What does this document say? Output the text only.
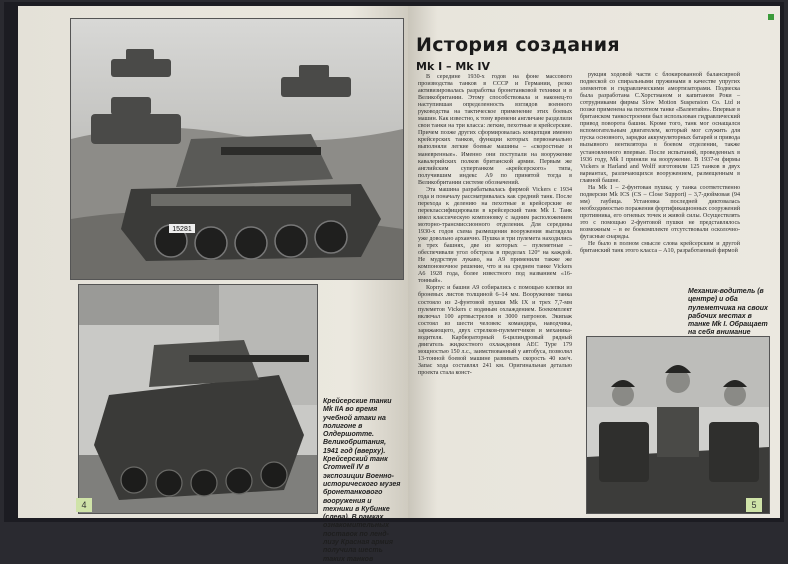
15281
Крейсерские танки Mk IIA во время учебной атаки на полигоне в Олдершотте. Великобритания, 1941 год (вверху). Крейсерский танк Cromwell IV в экспозиции Военно-исторического музея бронетанкового вооружения и техники в Кубинке (слева). В рамках ознакомительных поставок по ленд-лизу Красная армия получила шесть таких танков
4
История создания
Mk I – Mk IV

В середине 1930-х годов на фоне массового производства танков в СССР и Германии, резко активизировалась разработка бронетанковой техники и в Великобритании. Этому способствовала и наконец-то наступившая определенность взглядов военного руководства на тактическое применение этих боевых машин. Как известно, к тому времени англичане разделили свои танки на три класса: легкие, пехотные и крейсерские. Причем позже других сформировалась концепция именно крейсерских танков, функции которых первоначально выполняли легкие боевые машины – «скоростные и маневренные». Именно они поступали на вооружение кавалерийских полков британской армии. Первым же английским супертанком «крейсерского» типа, получившим индекс А9 по принятой тогда в Великобритании системе обозначений.

Эта машина разрабатывалась фирмой Vickers с 1934 года и поначалу рассматривалась как средний танк. После перехода к делению на пехотные и крейсерские ее переклассифицировали в крейсерский танк Mk I. Танк имел классическую компоновку с задним расположением моторно-трансмиссионного отделения. Для середины 1930-х годов схема размещения вооружения выглядела уже довольно архаично. Пушка и три пулемета находились в трех башнях, две из которых – пулеметные – обеспечивали угол обстрела в пределах 120° на каждой. Не мудрствуя лукаво, на А9 применили также же компоновочное решение, что и на среднем танке Vickers А6 1928 года, более известного под названием «16-тонный».

Корпус и башни А9 собирались с помощью клепки из броневых листов толщиной 6–14 мм. Вооружение танка состояло из 2-фунтовой пушки Mk IX и трех 7,7-мм пулеметов Vickers с водяным охлаждением. Боекомплект включал 100 артвыстрелов и 3000 патронов. Экипаж состоял из шести человек: командира, наводчика, заряжающего, двух стрелков-пулеметчиков и механика-водителя. Карбюраторный 6-цилиндровый рядный двигатель жидкостного охлаждения АЕС Type 179 мощностью 150 л.с., заимствованный у автобуса, позволял 13-тонной боевой машине развивать скорость 40 км/ч. Запас хода составлял 241 км. Оригинальная деталью проекта стала конст-

рукция ходовой части с блокированной балансирной подвеской со спиральными пружинами в качестве упругих элементов и гидравлическими амортизаторами. Подвеска была разработана С.Хорстманом и капитаном Роки – сотрудниками фирмы Slow Motion Suspension Co. Ltd и позже применена на пехотном танке «Валентайн». Впервые в британском танкостроении был использован гидравлический привод поворота башни. Кроме того, танк мог оснащался вспомогательным двигателем, который мог служить для пуска основного, зарядки аккумуляторных батарей и привода вызывного вентилятора в боевом отделении, также установленного впервые. После испытаний, проведенных в 1936 году, Mk I приняли на вооружение. В 1937-м фирмы Vickers и Harland and Wolff изготовили 125 танков в двух вариантах, различающихся вооружением, размещенным в главной башне.

На Mk I – 2-фунтовая пушка; у танка соответственно подверсии Mk ICS (CS – Close Support) – 3,7-дюймовая (94 мм) гаубица. Установка последней диктовалась необходимостью поражения фортификационных сооружений противника, его огневых точек и живой силы. Осуществлять это с помощью 2-фунтовой пушки не представлялось возможным – в ее боекомплекте отсутствовали осколочно-фугасные снаряды.

Не было в полном смысле слова крейсерским и другой британский танк этого класса – А10, разработанный фирмой

Механик-водитель (в центре) и оба пулеметчика на своих рабочих местах в танке Mk I. Обращает на себя внимание
5
